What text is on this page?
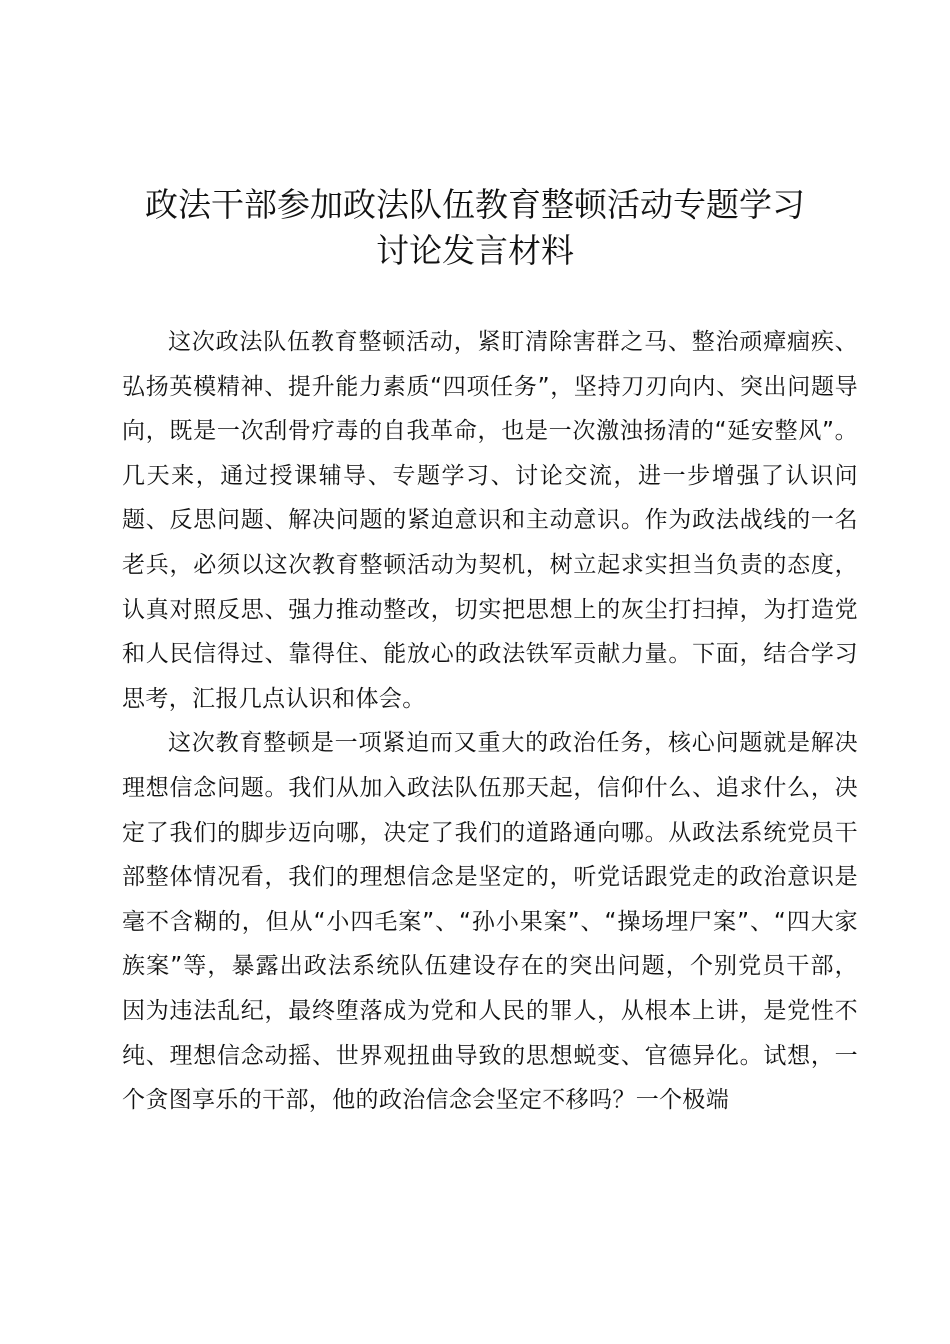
政法干部参加政法队伍教育整顿活动专题学习
讨论发言材料

这次政法队伍教育整顿活动，紧盯清除害群之马、整治顽瘴痼疾、弘扬英模精神、提升能力素质“四项任务”，坚持刀刃向内、突出问题导向，既是一次刮骨疗毒的自我革命，也是一次激浊扬清的“延安整风”。几天来，通过授课辅导、专题学习、讨论交流，进一步增强了认识问题、反思问题、解决问题的紧迫意识和主动意识。作为政法战线的一名老兵，必须以这次教育整顿活动为契机，树立起求实担当负责的态度，认真对照反思、强力推动整改，切实把思想上的灰尘打扫掉，为打造党和人民信得过、靠得住、能放心的政法铁军贡献力量。下面，结合学习思考，汇报几点认识和体会。

这次教育整顿是一项紧迫而又重大的政治任务，核心问题就是解决理想信念问题。我们从加入政法队伍那天起，信仰什么、追求什么，决定了我们的脚步迈向哪，决定了我们的道路通向哪。从政法系统党员干部整体情况看，我们的理想信念是坚定的，听党话跟党走的政治意识是毫不含糊的，但从“小四毛案”、“孙小果案”、“操场埋尸案”、“四大家族案”等，暴露出政法系统队伍建设存在的突出问题，个别党员干部，因为违法乱纪，最终堕落成为党和人民的罪人，从根本上讲，是党性不纯、理想信念动摇、世界观扭曲导致的思想蜕变、官德异化。试想，一个贪图享乐的干部，他的政治信念会坚定不移吗？一个极端
